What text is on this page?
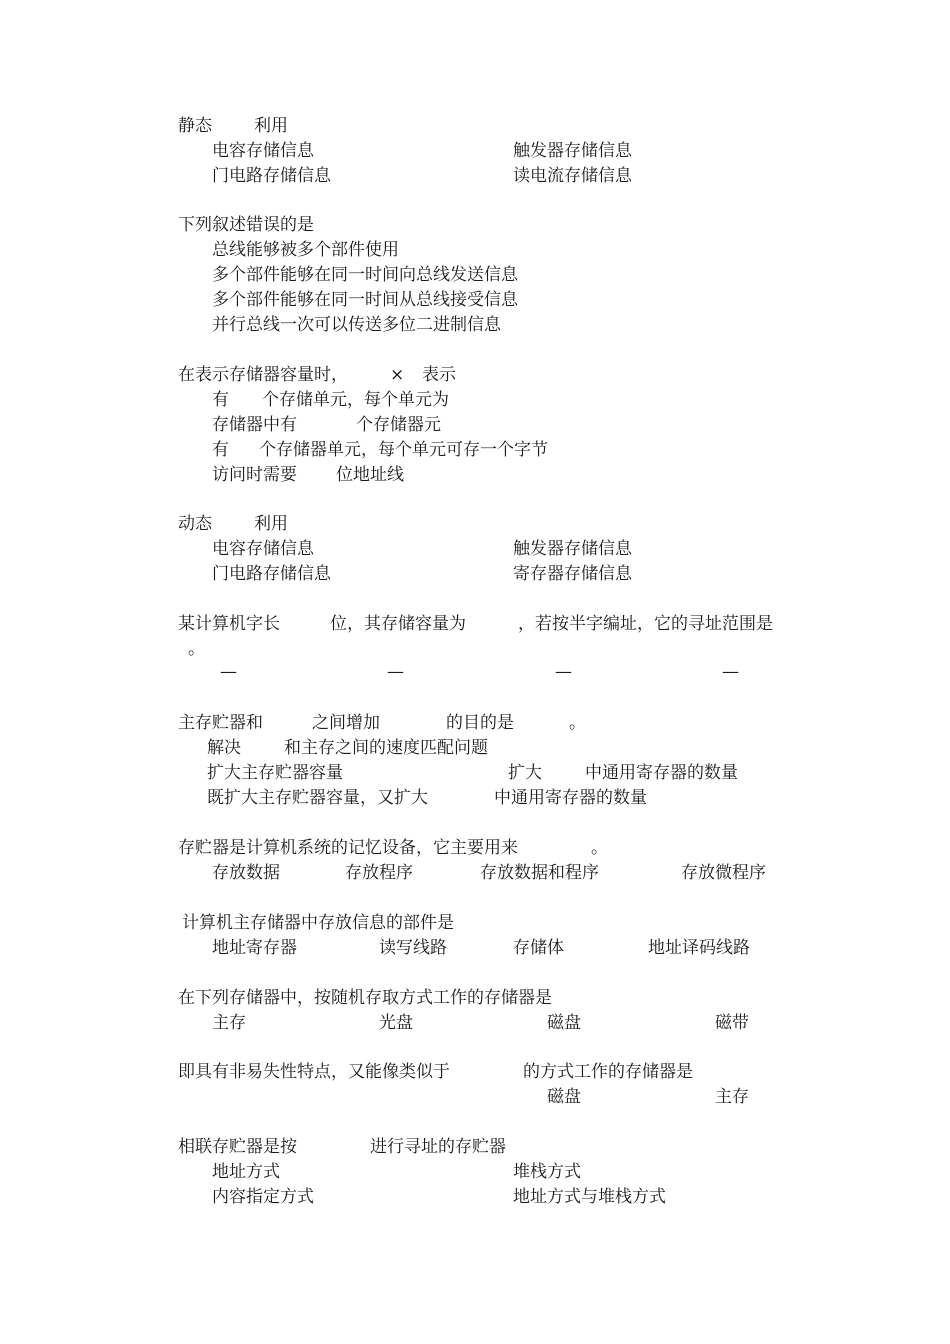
静态 利用
电容存储信息	触发器存储信息
门电路存储信息	读电流存储信息
下列叙述错误的是
总线能够被多个部件使用
多个部件能够在同一时间向总线发送信息
多个部件能够在同一时间从总线接受信息
并行总线一次可以传送多位二进制信息
在表示存储器容量时， × 表示
有 个存储单元，每个单元为
存储器中有	个存储器元
有 个存储器单元，每个单元可存一个字节
访问时需要 位地址线
动态 利用
电容存储信息	触发器存储信息
门电路存储信息	寄存器存储信息
某计算机字长	位，其存储容量为	，若按半字编址，它的寻址范围是
。
—	—	—	—
主存贮器和	之间增加	的目的是	。
解决	和主存之间的速度匹配问题
扩大主存贮器容量	扩大	中通用寄存器的数量
既扩大主存贮器容量，又扩大	中通用寄存器的数量
存贮器是计算机系统的记忆设备，它主要用来	。
存放数据	存放程序	存放数据和程序	存放微程序
计算机主存储器中存放信息的部件是
地址寄存器	读写线路	存储体	地址译码线路
在下列存储器中，按随机存取方式工作的存储器是
主存	光盘	磁盘	磁带
即具有非易失性特点，又能像类似于	的方式工作的存储器是
磁盘	主存
相联存贮器是按	进行寻址的存贮器
地址方式	堆栈方式
内容指定方式	地址方式与堆栈方式
